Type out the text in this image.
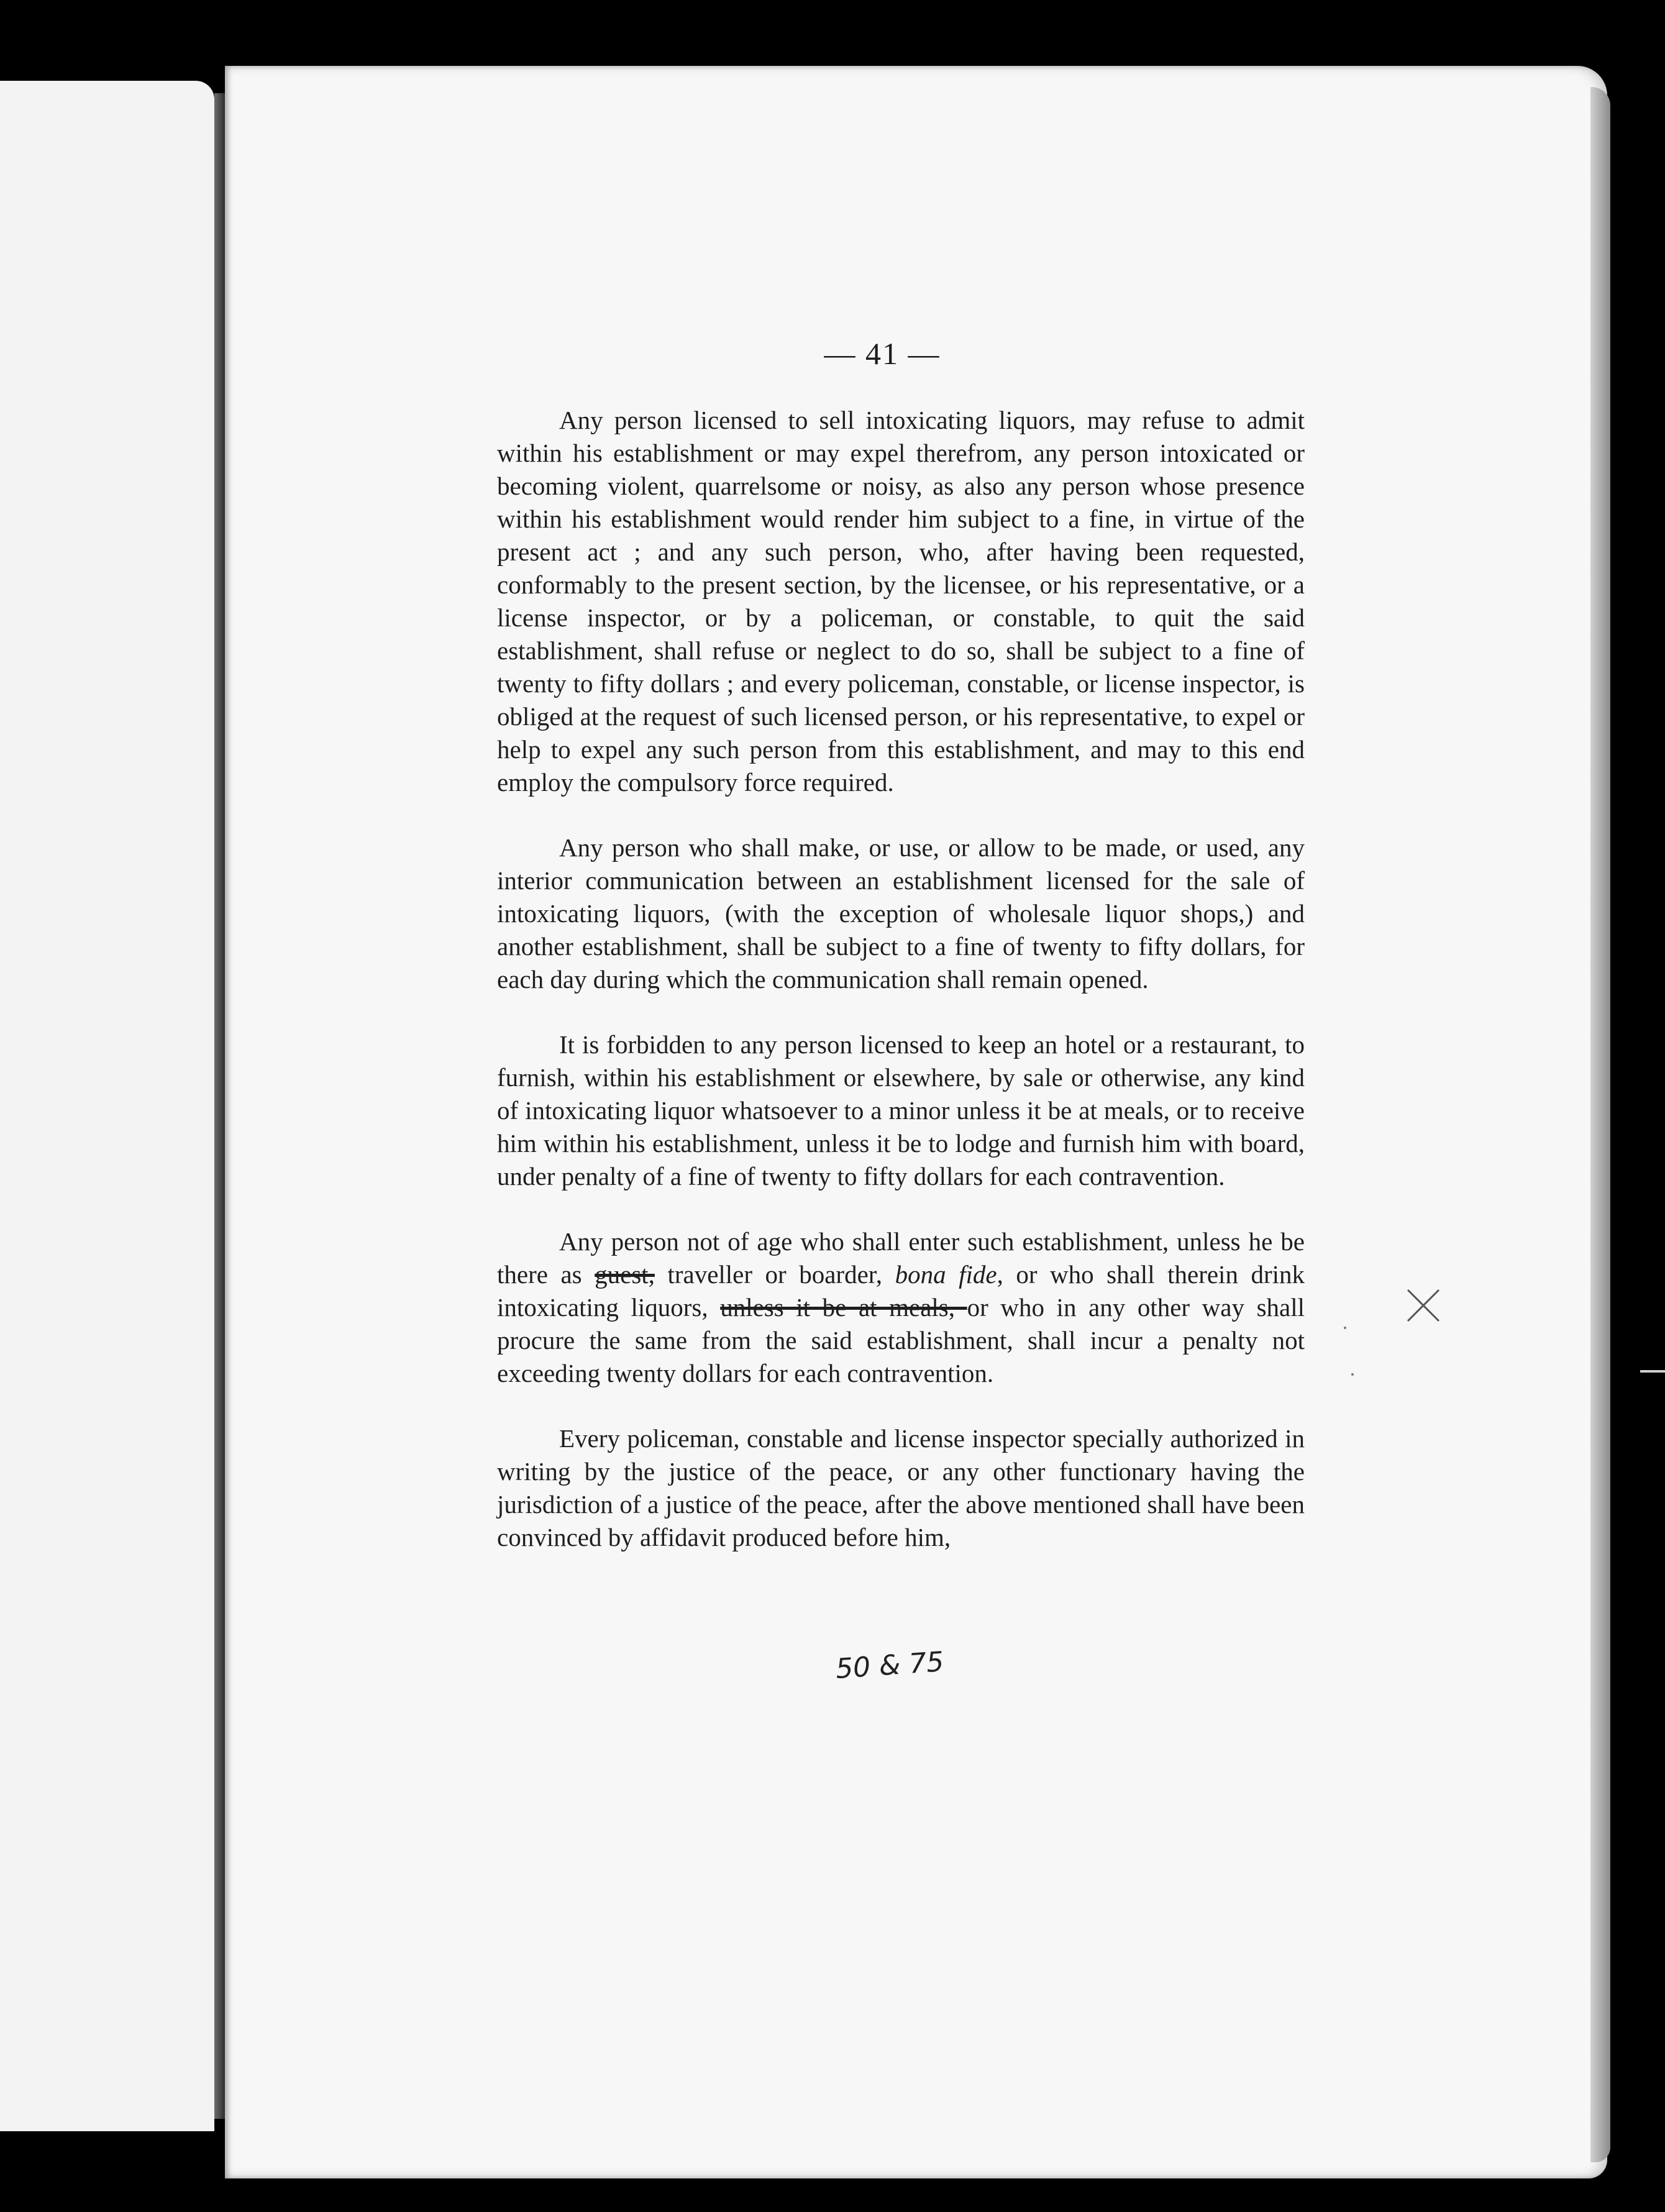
— 41 —

Any person licensed to sell intoxicating liquors, may refuse to admit within his establishment or may expel therefrom, any person intoxicated or becoming violent, quarrelsome or noisy, as also any person whose presence within his establishment would render him subject to a fine, in virtue of the present act ; and any such person, who, after having been requested, conformably to the present section, by the licensee, or his representative, or a license inspector, or by a policeman, or constable, to quit the said establishment, shall refuse or neglect to do so, shall be subject to a fine of twenty to fifty dollars ; and every policeman, constable, or license inspector, is obliged at the request of such licensed person, or his representative, to expel or help to expel any such person from this establishment, and may to this end employ the compulsory force required.

Any person who shall make, or use, or allow to be made, or used, any interior communication between an establishment licensed for the sale of intoxicating liquors, (with the exception of wholesale liquor shops,) and another establishment, shall be subject to a fine of twenty to fifty dollars, for each day during which the communication shall remain opened.

It is forbidden to any person licensed to keep an hotel or a restaurant, to furnish, within his establishment or elsewhere, by sale or otherwise, any kind of intoxicating liquor whatsoever to a minor unless it be at meals, or to receive him within his establishment, unless it be to lodge and furnish him with board, under penalty of a fine of twenty to fifty dollars for each contravention.

Any person not of age who shall enter such establishment, unless he be there as guest, traveller or boarder, bona fide, or who shall therein drink intoxicating liquors, unless it be at meals, or who in any other way shall procure the same from the said establishment, shall incur a penalty not exceeding twenty dollars for each contravention.

Every policeman, constable and license inspector specially authorized in writing by the justice of the peace, or any other functionary having the jurisdiction of a justice of the peace, after the above mentioned shall have been convinced by affidavit produced before him,

50 & 75
